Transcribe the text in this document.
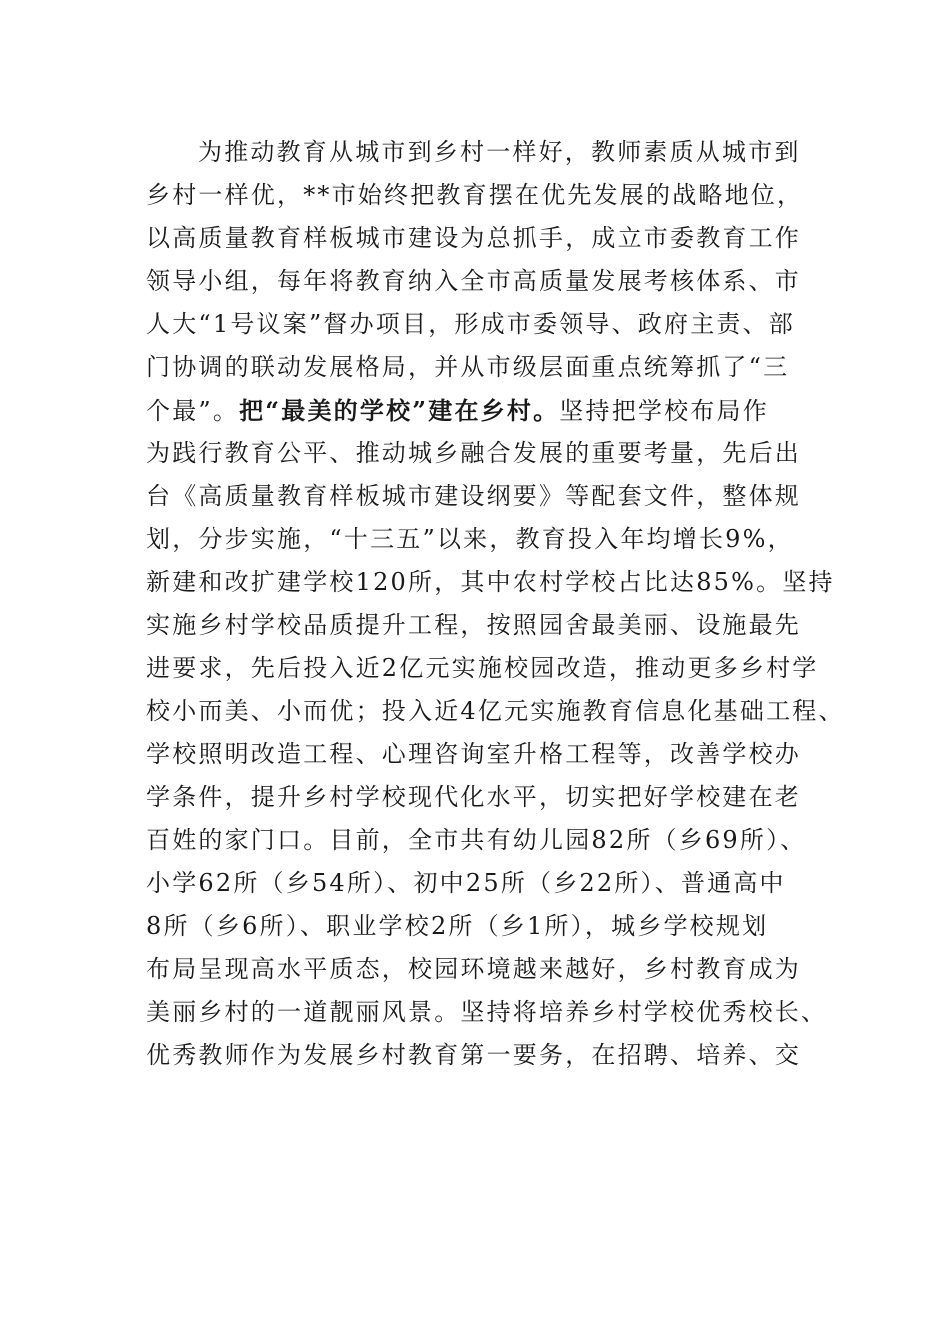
为推动教育从城市到乡村一样好，教师素质从城市到
乡村一样优，**市始终把教育摆在优先发展的战略地位，
以高质量教育样板城市建设为总抓手，成立市委教育工作
领导小组，每年将教育纳入全市高质量发展考核体系、市
人大“1号议案”督办项目，形成市委领导、政府主责、部
门协调的联动发展格局，并从市级层面重点统筹抓了“三
个最”。把“最美的学校”建在乡村。坚持把学校布局作
为践行教育公平、推动城乡融合发展的重要考量，先后出
台《高质量教育样板城市建设纲要》等配套文件，整体规
划，分步实施，“十三五”以来，教育投入年均增长9%，
新建和改扩建学校120所，其中农村学校占比达85%。坚持
实施乡村学校品质提升工程，按照园舍最美丽、设施最先
进要求，先后投入近2亿元实施校园改造，推动更多乡村学
校小而美、小而优；投入近4亿元实施教育信息化基础工程、
学校照明改造工程、心理咨询室升格工程等，改善学校办
学条件，提升乡村学校现代化水平，切实把好学校建在老
百姓的家门口。目前，全市共有幼儿园82所（乡69所）、
小学62所（乡54所）、初中25所（乡22所）、普通高中
8所（乡6所）、职业学校2所（乡1所），城乡学校规划
布局呈现高水平质态，校园环境越来越好，乡村教育成为
美丽乡村的一道靓丽风景。坚持将培养乡村学校优秀校长、
优秀教师作为发展乡村教育第一要务，在招聘、培养、交
